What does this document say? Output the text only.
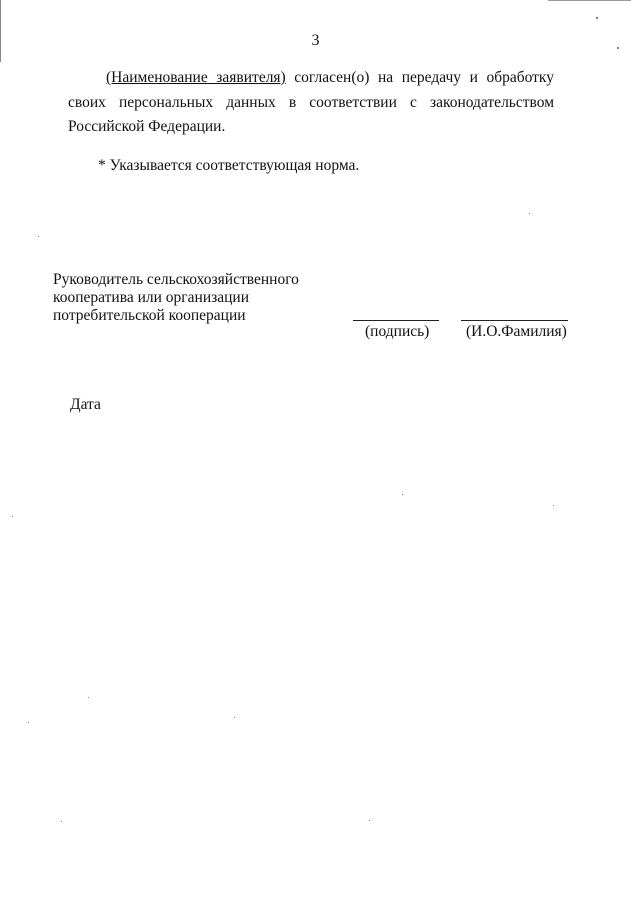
3

(Наименование заявителя) согласен(о) на передачу и обработку своих персональных данных в соответствии с законодательством Российской Федерации.

* Указывается соответствующая норма.
Руководитель сельскохозяйственного
кооператива или организации
потребительской кооперации
(подпись) (И.О.Фамилия)
Дата
